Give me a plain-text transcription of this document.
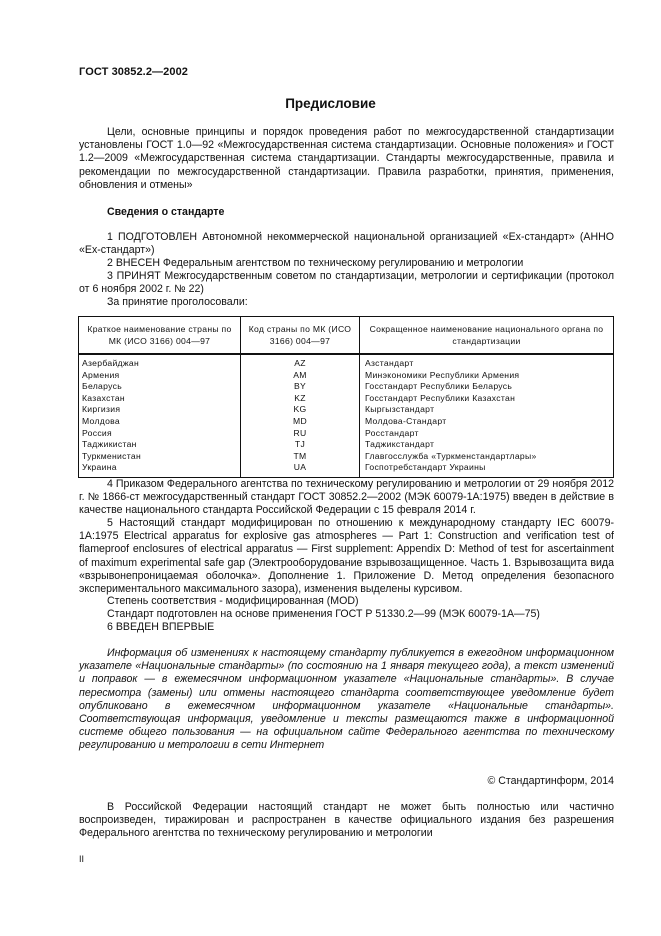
ГОСТ 30852.2—2002
Предисловие
Цели, основные принципы и порядок проведения работ по межгосударственной стандартизации установлены ГОСТ 1.0—92 «Межгосударственная система стандартизации. Основные положения» и ГОСТ 1.2—2009 «Межгосударственная система стандартизации. Стандарты межгосударственные, правила и рекомендации по межгосударственной стандартизации. Правила разработки, принятия, применения, обновления и отмены»
Сведения о стандарте
1 ПОДГОТОВЛЕН Автономной некоммерческой национальной организацией «Ех-стандарт» (АННО «Ех-стандарт»)
2 ВНЕСЕН Федеральным агентством по техническому регулированию и метрологии
3 ПРИНЯТ Межгосударственным советом по стандартизации, метрологии и сертификации (протокол от 6 ноября 2002 г. № 22)
За принятие проголосовали:
Краткое наименование страны по МК (ИСО 3166) 004—97	Код страны по МК (ИСО 3166) 004—97	Сокращенное наименование национального органа по стандартизации
Азербайджан	AZ	Азстандарт
Армения	AM	Минэкономики Республики Армения
Беларусь	BY	Госстандарт Республики Беларусь
Казахстан	KZ	Госстандарт Республики Казахстан
Киргизия	KG	Кыргызстандарт
Молдова	MD	Молдова-Стандарт
Россия	RU	Росстандарт
Таджикистан	TJ	Таджикстандарт
Туркменистан	TM	Главгосслужба «Туркменстандартлары»
Украина	UA	Госпотребстандарт Украины
4 Приказом Федерального агентства по техническому регулированию и метрологии от 29 ноября 2012 г. № 1866-ст межгосударственный стандарт ГОСТ 30852.2—2002 (МЭК 60079-1А:1975) введен в действие в качестве национального стандарта Российской Федерации с 15 февраля 2014 г.
5 Настоящий стандарт модифицирован по отношению к международному стандарту IEC 60079-1A:1975 Electrical apparatus for explosive gas atmospheres — Part 1: Construction and verification test of flameproof enclosures of electrical apparatus — First supplement: Appendix D: Method of test for ascertainment of maximum experimental safe gap (Электрооборудование взрывозащищенное. Часть 1. Взрывозащита вида «взрывонепроницаемая оболочка». Дополнение 1. Приложение D. Метод определения безопасного экспериментального максимального зазора), изменения выделены курсивом.
Степень соответствия - модифицированная (MOD)
Стандарт подготовлен на основе применения ГОСТ Р 51330.2—99 (МЭК 60079-1А—75)
6 ВВЕДЕН ВПЕРВЫЕ
Информация об изменениях к настоящему стандарту публикуется в ежегодном информационном указателе «Национальные стандарты» (по состоянию на 1 января текущего года), а текст изменений и поправок — в ежемесячном информационном указателе «Национальные стандарты». В случае пересмотра (замены) или отмены настоящего стандарта соответствующее уведомление будет опубликовано в ежемесячном информационном указателе «Национальные стандарты». Соответствующая информация, уведомление и тексты размещаются также в информационной системе общего пользования — на официальном сайте Федерального агентства по техническому регулированию и метрологии в сети Интернет
© Стандартинформ, 2014
В Российской Федерации настоящий стандарт не может быть полностью или частично воспроизведен, тиражирован и распространен в качестве официального издания без разрешения Федерального агентства по техническому регулированию и метрологии
II
